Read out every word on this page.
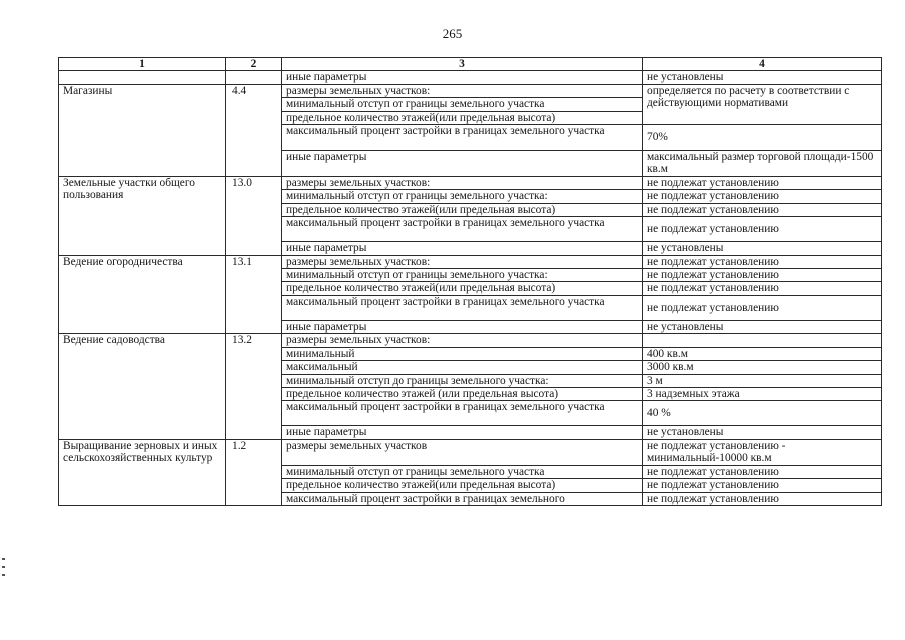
265
1	2	3	4
		иные параметры	не установлены
Магазины	4.4	размеры земельных участков:	определяется по расчету в соответствии с действующими нормативами
		минимальный отступ от границы земельного участка	
		предельное количество этажей(или предельная высота)	
		максимальный процент застройки в границах земельного участка	70%
		иные параметры	максимальный размер торговой площади-1500 кв.м
Земельные участки общего пользования	13.0	размеры земельных участков:	не подлежат установлению
		минимальный отступ от границы земельного участка:	не подлежат установлению
		предельное количество этажей(или предельная высота)	не подлежат установлению
		максимальный процент застройки в границах земельного участка	не подлежат установлению
		иные параметры	не установлены
Ведение огородничества	13.1	размеры земельных участков:	не подлежат установлению
		минимальный отступ от границы земельного участка:	не подлежат установлению
		предельное количество этажей(или предельная высота)	не подлежат установлению
		максимальный процент застройки в границах земельного участка	не подлежат установлению
		иные параметры	не установлены
Ведение садоводства	13.2	размеры земельных участков:	
		минимальный	400 кв.м
		максимальный	3000 кв.м
		минимальный отступ до границы земельного участка:	3 м
		предельное количество этажей (или предельная высота)	3 надземных этажа
		максимальный процент застройки в границах земельного участка	40 %
		иные параметры	не установлены
Выращивание зерновых и иных сельскохозяйственных культур	1.2	размеры земельных участков	не подлежат установлению - минимальный-10000 кв.м
		минимальный отступ от границы земельного участка	не подлежат установлению
		предельное количество этажей(или предельная высота)	не подлежат установлению
		максимальный процент застройки в границах земельного	не подлежат установлению
